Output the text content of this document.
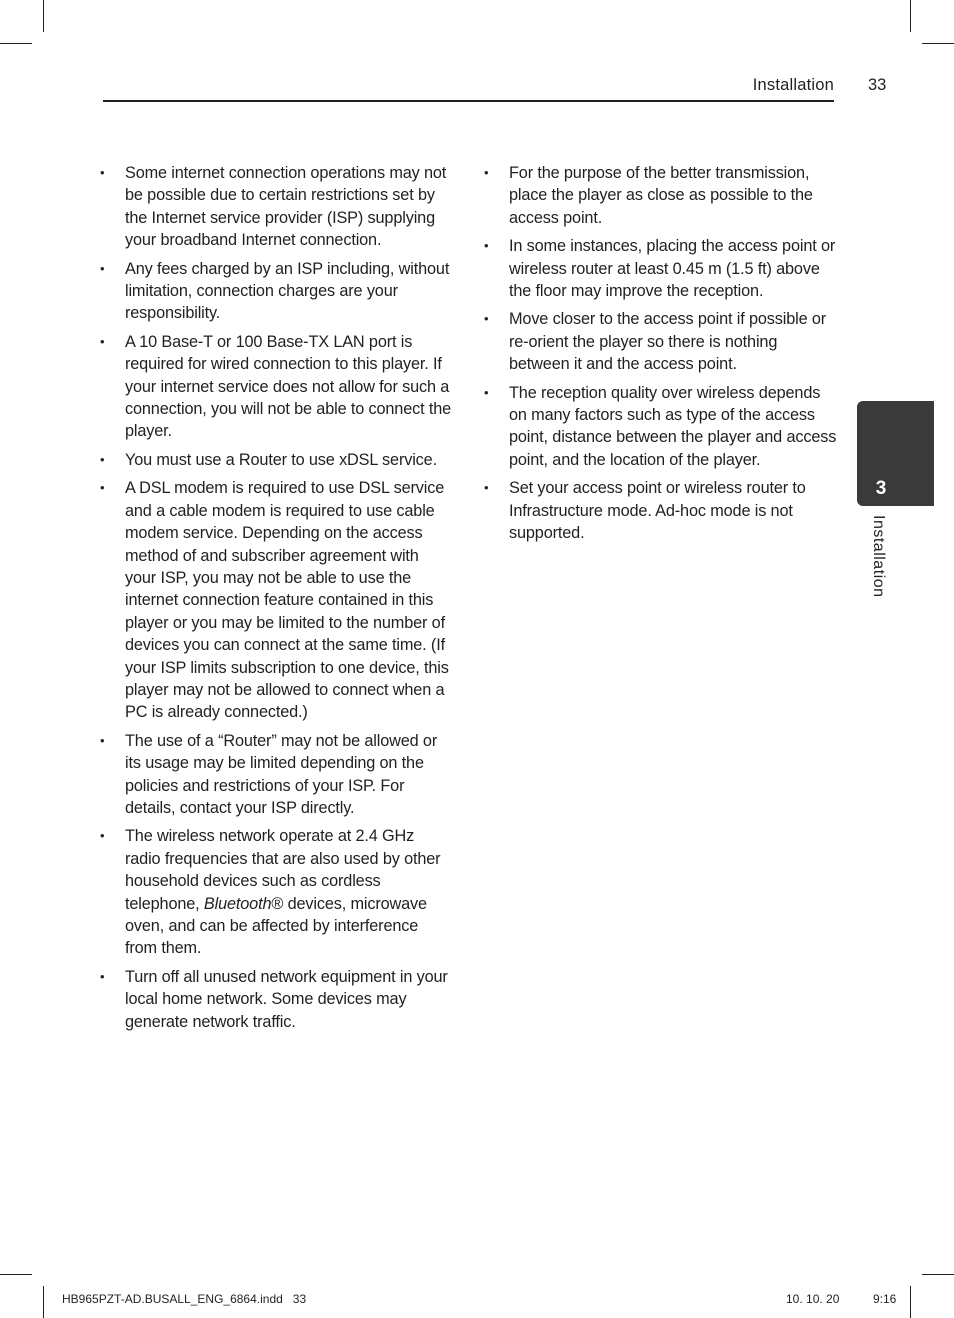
Installation 33
• Some internet connection operations may not be possible due to certain restrictions set by the Internet service provider (ISP) supplying your broadband Internet connection.
• Any fees charged by an ISP including, without limitation, connection charges are your responsibility.
• A 10 Base-T or 100 Base-TX LAN port is required for wired connection to this player. If your internet service does not allow for such a connection, you will not be able to connect the player.
• You must use a Router to use xDSL service.
• A DSL modem is required to use DSL service and a cable modem is required to use cable modem service. Depending on the access method of and subscriber agreement with your ISP, you may not be able to use the internet connection feature contained in this player or you may be limited to the number of devices you can connect at the same time. (If your ISP limits subscription to one device, this player may not be allowed to connect when a PC is already connected.)
• The use of a “Router” may not be allowed or its usage may be limited depending on the policies and restrictions of your ISP. For details, contact your ISP directly.
• The wireless network operate at 2.4 GHz radio frequencies that are also used by other household devices such as cordless telephone, Bluetooth® devices, microwave oven, and can be affected by interference from them.
• Turn off all unused network equipment in your local home network. Some devices may generate network traffic.
• For the purpose of the better transmission, place the player as close as possible to the access point.
• In some instances, placing the access point or wireless router at least 0.45 m (1.5 ft) above the floor may improve the reception.
• Move closer to the access point if possible or re-orient the player so there is nothing between it and the access point.
• The reception quality over wireless depends on many factors such as type of the access point, distance between the player and access point, and the location of the player.
• Set your access point or wireless router to Infrastructure mode. Ad-hoc mode is not supported.
3
Installation
HB965PZT-AD.BUSALL_ENG_6864.indd   33	10. 10. 20	9:16
